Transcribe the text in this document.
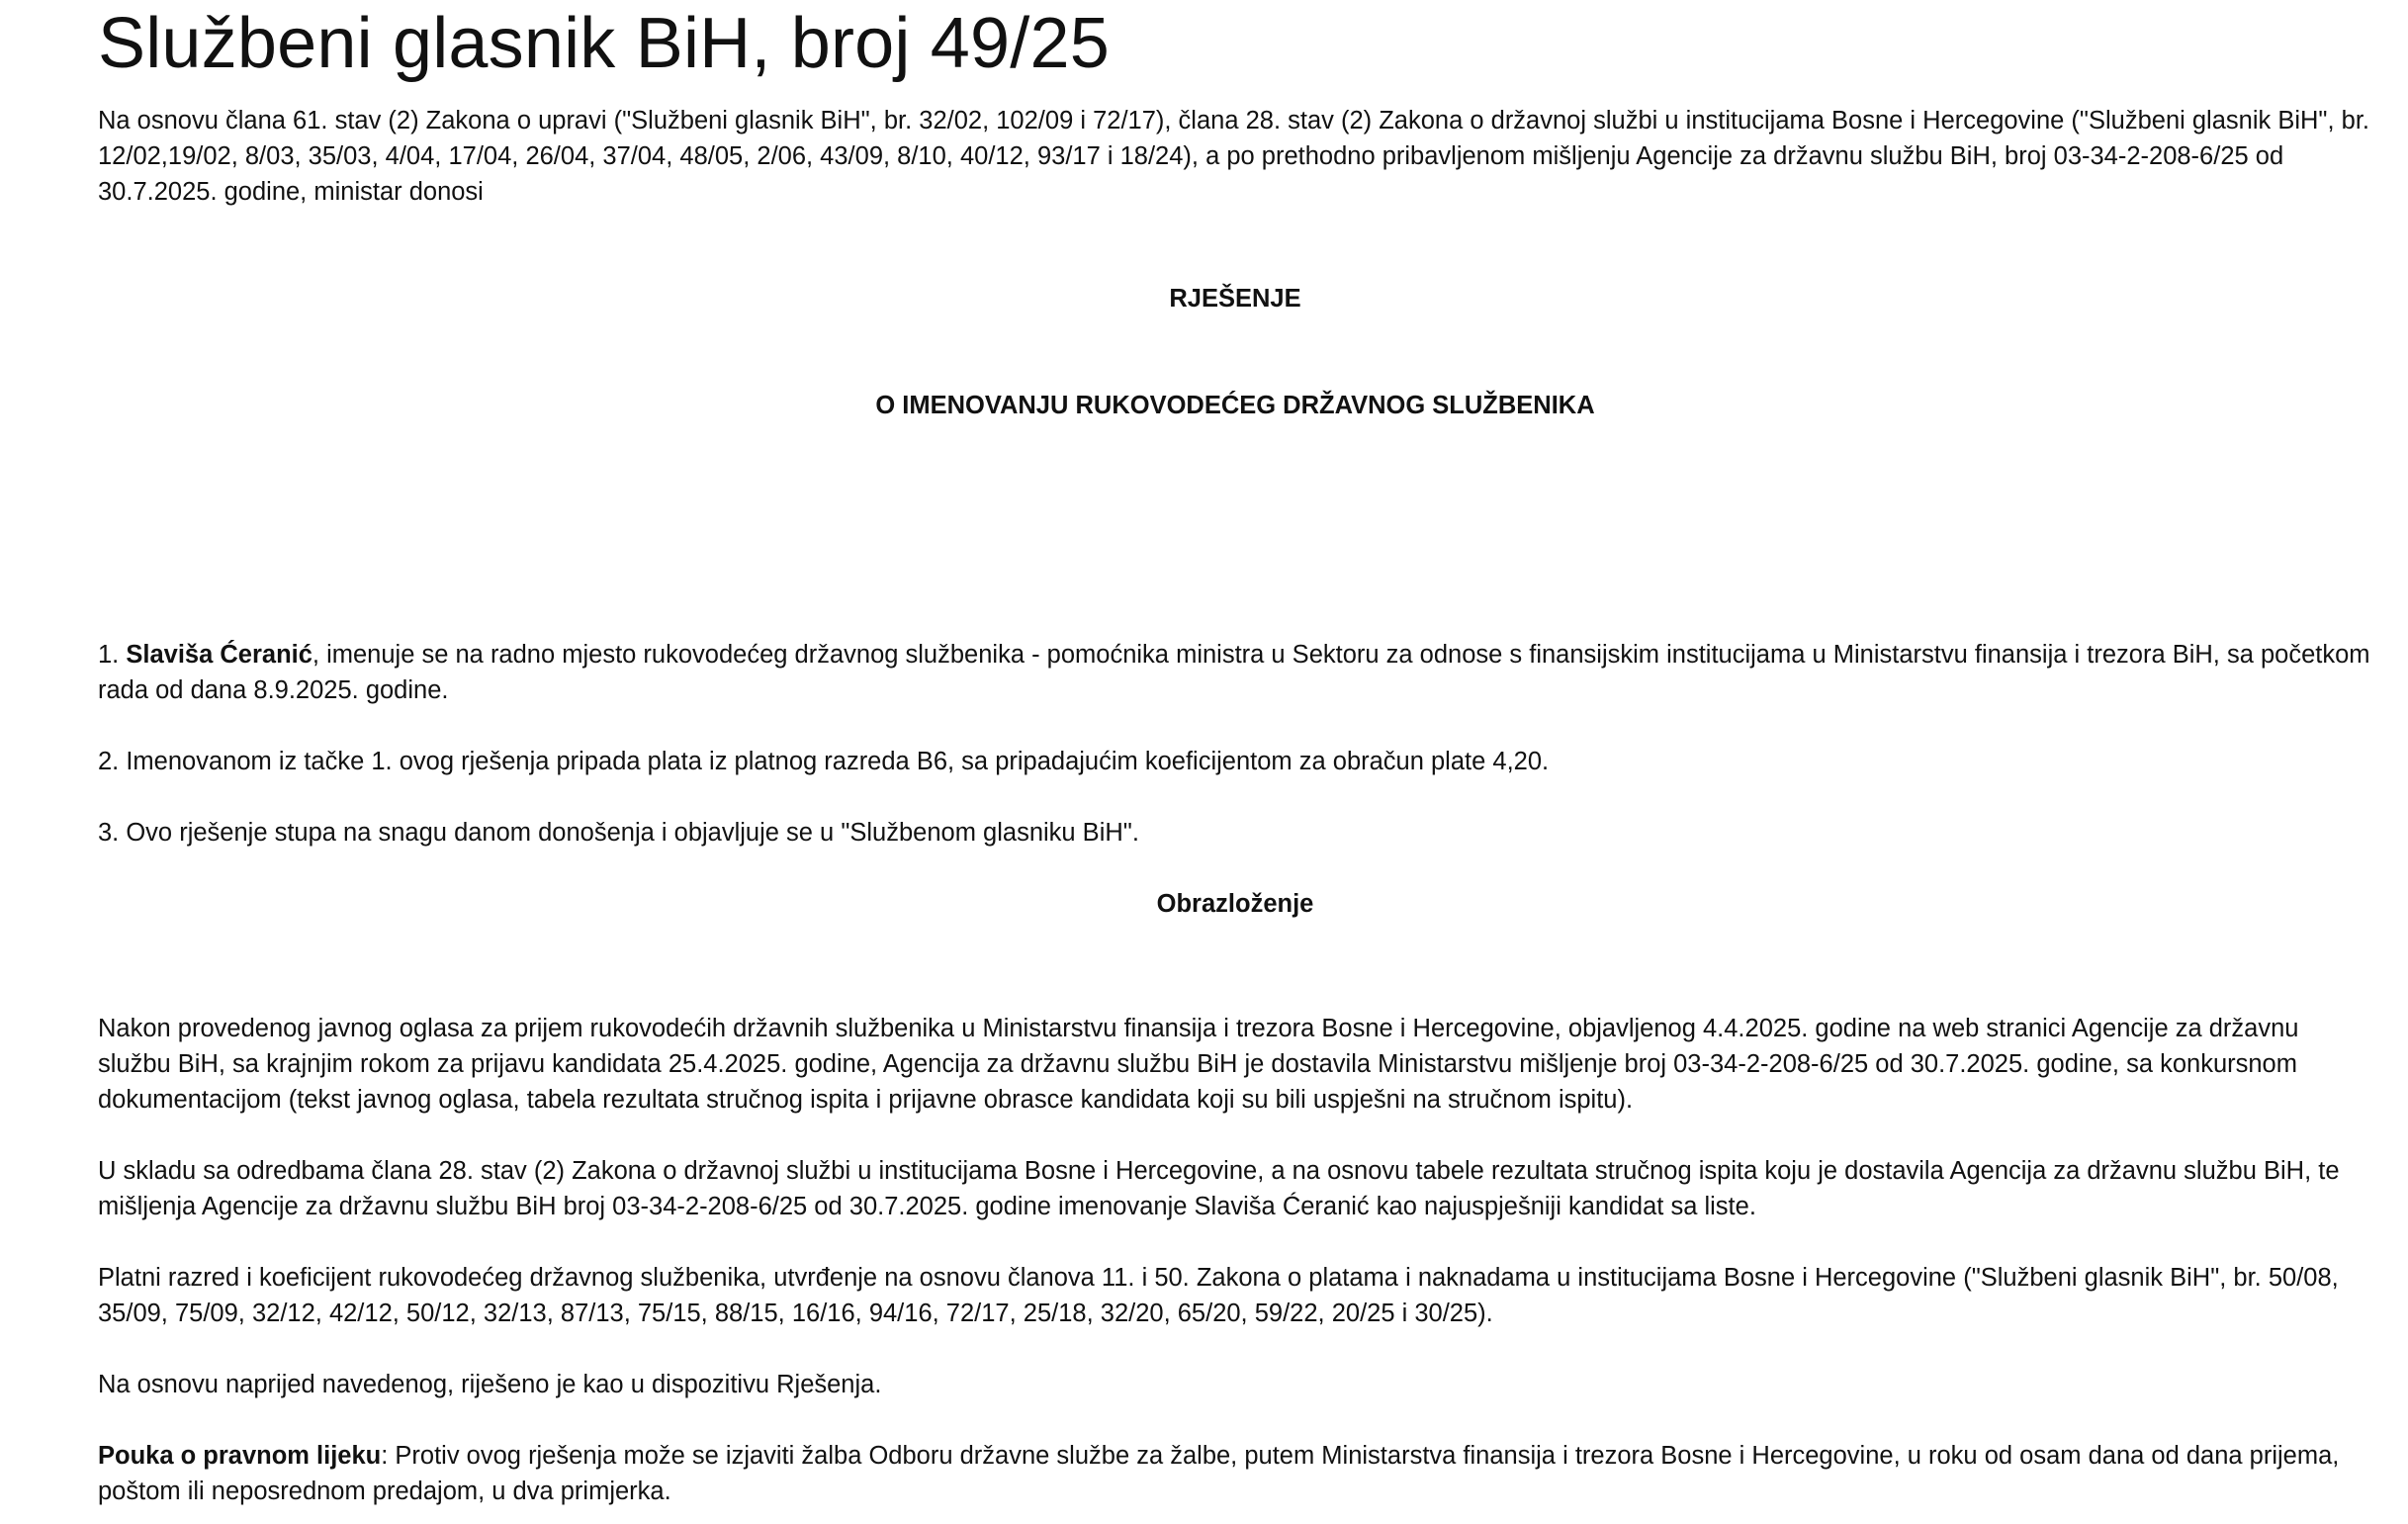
Službeni glasnik BiH, broj 49/25

Na osnovu člana 61. stav (2) Zakona o upravi ("Službeni glasnik BiH", br. 32/02, 102/09 i 72/17), člana 28. stav (2) Zakona o državnoj službi u institucijama Bosne i Hercegovine ("Službeni glasnik BiH", br. 12/02,19/02, 8/03, 35/03, 4/04, 17/04, 26/04, 37/04, 48/05, 2/06, 43/09, 8/10, 40/12, 93/17 i 18/24), a po prethodno pribavljenom mišljenju Agencije za državnu službu BiH, broj 03-34-2-208-6/25 od 30.7.2025. godine, ministar donosi

RJEŠENJE

O IMENOVANJU RUKOVODEĆEG DRŽAVNOG SLUŽBENIKA

1. Slaviša Ćeranić, imenuje se na radno mjesto rukovodećeg državnog službenika - pomoćnika ministra u Sektoru za odnose s finansijskim institucijama u Ministarstvu finansija i trezora BiH, sa početkom rada od dana 8.9.2025. godine.

2. Imenovanom iz tačke 1. ovog rješenja pripada plata iz platnog razreda B6, sa pripadajućim koeficijentom za obračun plate 4,20.

3. Ovo rješenje stupa na snagu danom donošenja i objavljuje se u "Službenom glasniku BiH".

Obrazloženje

Nakon provedenog javnog oglasa za prijem rukovodećih državnih službenika u Ministarstvu finansija i trezora Bosne i Hercegovine, objavljenog 4.4.2025. godine na web stranici Agencije za državnu službu BiH, sa krajnjim rokom za prijavu kandidata 25.4.2025. godine, Agencija za državnu službu BiH je dostavila Ministarstvu mišljenje broj 03-34-2-208-6/25 od 30.7.2025. godine, sa konkursnom dokumentacijom (tekst javnog oglasa, tabela rezultata stručnog ispita i prijavne obrasce kandidata koji su bili uspješni na stručnom ispitu).

U skladu sa odredbama člana 28. stav (2) Zakona o državnoj službi u institucijama Bosne i Hercegovine, a na osnovu tabele rezultata stručnog ispita koju je dostavila Agencija za državnu službu BiH, te mišljenja Agencije za državnu službu BiH broj 03-34-2-208-6/25 od 30.7.2025. godine imenovanje Slaviša Ćeranić kao najuspješniji kandidat sa liste.

Platni razred i koeficijent rukovodećeg državnog službenika, utvrđenje na osnovu članova 11. i 50. Zakona o platama i naknadama u institucijama Bosne i Hercegovine ("Službeni glasnik BiH", br. 50/08, 35/09, 75/09, 32/12, 42/12, 50/12, 32/13, 87/13, 75/15, 88/15, 16/16, 94/16, 72/17, 25/18, 32/20, 65/20, 59/22, 20/25 i 30/25).

Na osnovu naprijed navedenog, riješeno je kao u dispozitivu Rješenja.

Pouka o pravnom lijeku: Protiv ovog rješenja može se izjaviti žalba Odboru državne službe za žalbe, putem Ministarstva finansija i trezora Bosne i Hercegovine, u roku od osam dana od dana prijema, poštom ili neposrednom predajom, u dva primjerka.
